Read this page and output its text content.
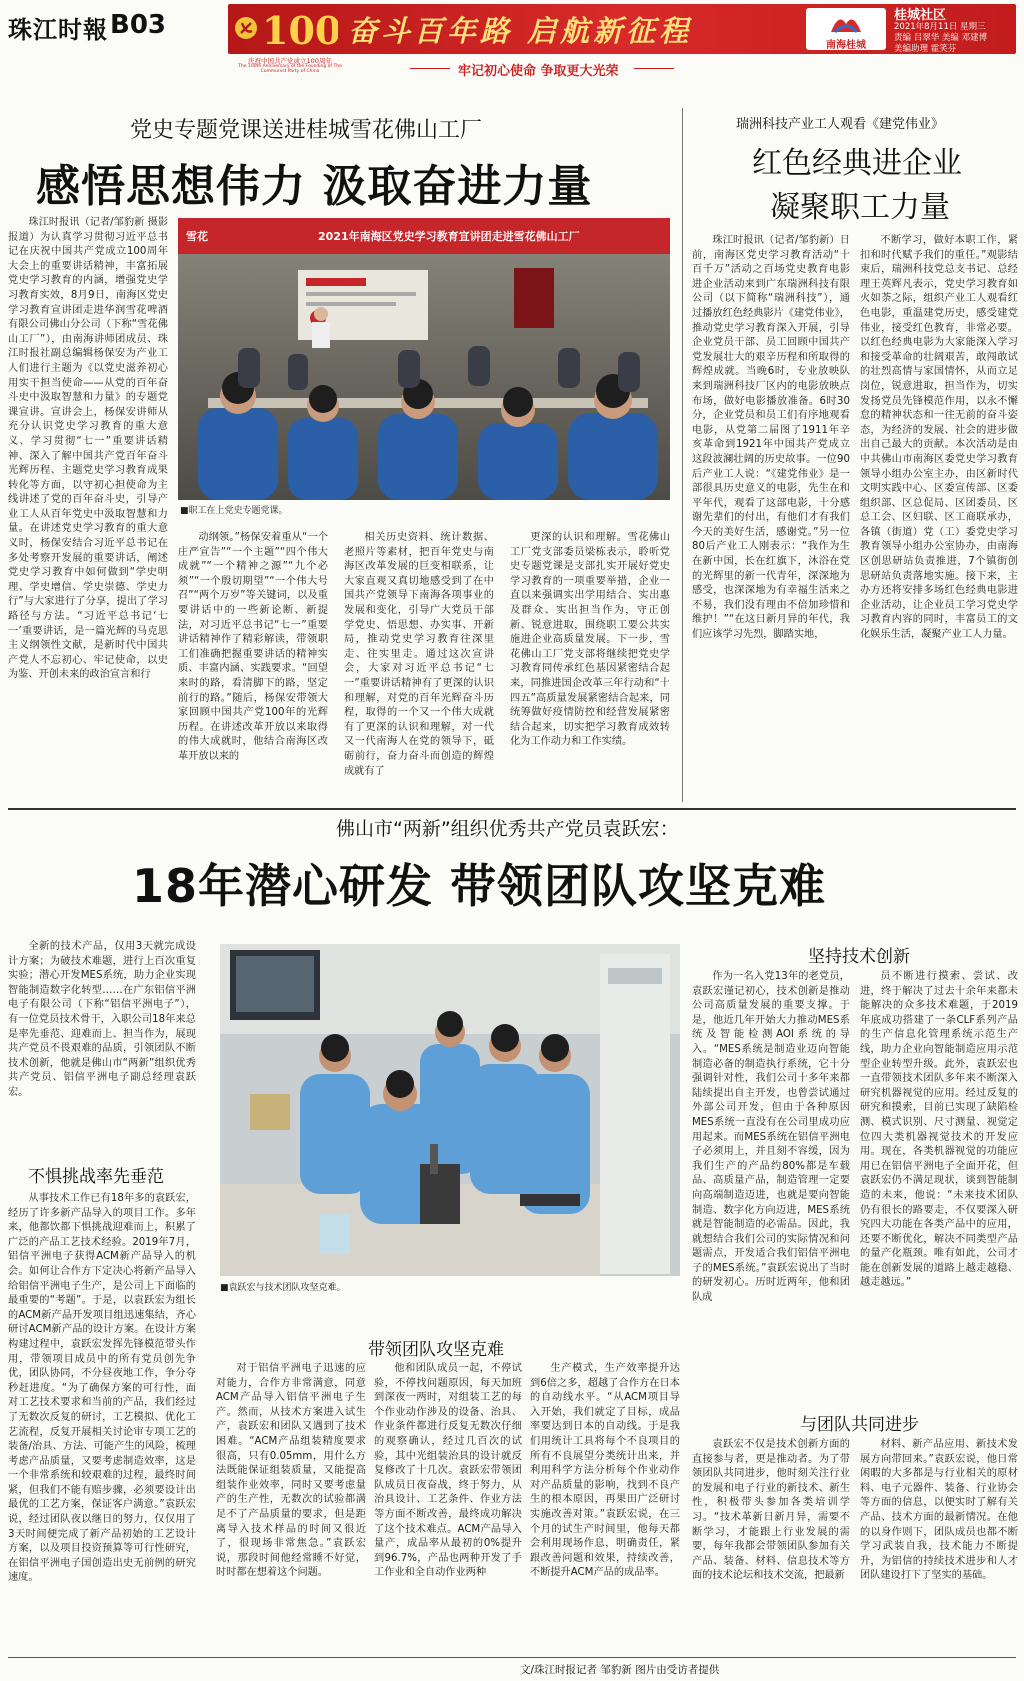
珠江时報 B03	100
庆祝中国共产党成立100周年
The 100th Anniversary of the Founding of The Communist Party of China
奋斗百年路 启航新征程
牢记初心使命 争取更大光荣
南海桂城
桂城社区
2021年8月11日 星期三
责编 吕翠华 美编 邓建博
美编助理 霍笑芬
党史专题党课送进桂城雪花佛山工厂
感悟思想伟力 汲取奋进力量
雪花	2021年南海区党史学习教育宣讲团走进雪花佛山工厂
■职工在上党史专题党课。

珠江时报讯（记者/邹豹新 摄影报道）为认真学习贯彻习近平总书记在庆祝中国共产党成立100周年大会上的重要讲话精神，丰富拓展党史学习教育的内涵，增强党史学习教育实效，8月9日，南海区党史学习教育宣讲团走进华润雪花啤酒有限公司佛山分公司（下称“雪花佛山工厂”），由南海讲师团成员、珠江时报社副总编辑杨保安为产业工人们进行主题为《以党史滋养初心 用实干担当使命——从党的百年奋斗史中汲取智慧和力量》的专题党课宣讲。宣讲会上，杨保安讲师从充分认识党史学习教育的重大意义、学习贯彻“七一”重要讲话精神、深入了解中国共产党百年奋斗光辉历程、主题党史学习教育成果转化等方面，以守初心担使命为主线讲述了党的百年奋斗史，引导产业工人从百年党史中汲取智慧和力量。在讲述党史学习教育的重大意义时，杨保安结合习近平总书记在多处考察开发展的重要讲话，阐述党史学习教育中如何做到“学史明理、学史增信、学史崇德、学史力行”与大家进行了分享，提出了学习路径与方法。“习近平总书记‘七一’重要讲话，是一篇光辉的马克思主义纲领性文献，是新时代中国共产党人不忘初心、牢记使命，以史为鉴、开创未来的政治宣言和行

动纲领。”杨保安着重从“一个庄严宣告”“一个主题”“四个伟大成就”“一个精神之源”“九个必须”“一个殷切期望”“一个伟大号召”“两个万岁”等关键词，以及重要讲话中的一些新论断、新提法，对习近平总书记“七一”重要讲话精神作了精彩解读，带领职工们准确把握重要讲话的精神实质、丰富内涵、实践要求。“回望来时的路，看清脚下的路，坚定前行的路。”随后，杨保安带领大家回顾中国共产党100年的光辉历程。在讲述改革开放以来取得的伟大成就时，他结合南海区改革开放以来的

相关历史资料、统计数据、老照片等素材，把百年党史与南海区改革发展的巨变相联系，让大家直观又真切地感受到了在中国共产党领导下南海各项事业的发展和变化，引导广大党员干部学党史、悟思想、办实事、开新局，推动党史学习教育往深里走、往实里走。通过这次宣讲会，大家对习近平总书记“七一”重要讲话精神有了更深的认识和理解，对党的百年光辉奋斗历程，取得的一个又一个伟大成就有了更深的认识和理解，对一代又一代南海人在党的领导下，砥砺前行，奋力奋斗而创造的辉煌成就有了

更深的认识和理解。雪花佛山工厂党支部委员梁栋表示，聆听党史专题党课是支部扎实开展好党史学习教育的一项重要举措，企业一直以来强调实出学用结合、实出惠及群众、实出担当作为，守正创新、锐意进取，围绕职工要公共实施进企业高质量发展。下一步，雪花佛山工厂党支部将继续把党史学习教育同传承红色基因紧密结合起来，同推进国企改革三年行动和“十四五”高质量发展紧密结合起来，同统筹做好疫情防控和经营发展紧密结合起来，切实把学习教育成效转化为工作动力和工作实绩。

瑞洲科技产业工人观看《建党伟业》
红色经典进企业
凝聚职工力量

珠江时报讯（记者/邹豹新）日前，南海区党史学习教育活动“十百千万”活动之百场党史教育电影进企业活动来到广东瑞洲科技有限公司（以下简称“瑞洲科技”），通过播放红色经典影片《建党伟业》，推动党史学习教育深入开展，引导企业党员干部、员工回顾中国共产党发展壮大的艰辛历程和所取得的辉煌成就。当晚6时，专业放映队来到瑞洲科技厂区内的电影放映点布场，做好电影播放准备。6时30分，企业党员和员工们有序地观看电影，从党第二届图了1911年辛亥革命到1921年中国共产党成立这段波澜壮阔的历史故事。一位90后产业工人说：“《建党伟业》是一部很具历史意义的电影，先生在和平年代，观看了这部电影，十分感谢先辈们的付出，有他们才有我们今天的美好生活，感谢党。”另一位80后产业工人刚表示：“我作为生在新中国，长在红旗下，沐浴在党的光辉里的新一代青年，深深地为感受，也深深地为有幸福生活来之不易，我们没有理由不倍加珍惜和维护！”“在这日新月异的年代，我们应该学习先烈，脚踏实地，

不断学习，做好本职工作，紧扣和时代赋予我们的重任。”观影结束后，瑞洲科技党总支书记、总经理王英辉凡表示，党史学习教育如火如荼之际，组织产业工人观看红色电影，重温建党历史，感受建党伟业，接受红色教育，非常必要。以红色经典电影为大家能深入学习和接受革命的壮阔艰苦，敢闯敢试的壮烈高情与家国情怀，从而立足岗位，锐意进取，担当作为，切实发扬党员先锋模范作用，以永不懈怠的精神状态和一往无前的奋斗姿态，为经济的发展、社会的进步做出自己最大的贡献。本次活动是由中共佛山市南海区委党史学习教育领导小组办公室主办，由区新时代文明实践中心、区委宣传部、区委组织部、区总促局、区团委员、区总工会、区妇联、区工商联承办，各镇（街道）党（工）委党史学习教育领导小组办公室协办，由南海区创思研站负责推进，7个镇街创思研站负责落地实施。接下来，主办方还将安排多场红色经典电影进企业活动，让企业员工学习党史学习教育内容的同时，丰富员工的文化娱乐生活，凝聚产业工人力量。

佛山市“两新”组织优秀共产党员袁跃宏：
18年潜心研发 带领团队攻坚克难

全新的技术产品，仅用3天就完成设计方案；为破技术难题，进行上百次重复实验；潜心开发MES系统，助力企业实现智能制造数字化转型……在广东铝信平洲电子有限公司（下称“铝信平洲电子”），有一位党员技术骨干，入职公司18年来总是率先垂范、迎难而上、担当作为，展现共产党员不畏艰难的品质，引领团队不断技术创新，他就是佛山市“两新”组织优秀共产党员、铝信平洲电子副总经理袁跃宏。

不惧挑战率先垂范

从事技术工作已有18年多的袁跃宏，经历了许多新产品导入的项目工作。多年来，他都饮都下惧挑战迎难而上，积累了广泛的产品工艺技术经验。2019年7月，铝信平洲电子获得ACM新产品导入的机会。如何让合作方下定决心将新产品导入给铝信平洲电子生产，是公司上下面临的最重要的“考题”。于是，以袁跃宏为组长的ACM新产品开发项目组迅速集结，齐心研讨ACM新产品的设计方案。在设计方案构建过程中，袁跃宏发挥先锋模范带头作用，带领项目成员中的所有党员创先争优，团队协同，不分昼夜地工作，争分夺秒赶进度。“为了确保方案的可行性，面对工艺技术要求和当前的产品，我们经过了无数次反复的研讨，工艺模拟、优化工艺流程，反复开展相关讨论审专项工艺的装备/治具、方法、可能产生的风险，梳理考虑产品质量，又要考虑制造效率，这是一个非常系统和较艰难的过程，最终时间紧，但我们不能有赔步骤，必须要设计出最优的工艺方案，保证客户满意。”袁跃宏说，经过团队夜以继日的努力，仅仅用了3天时间便完成了新产品初始的工艺设计方案，以及项目投资预算等可行性研究，在铝信平洲电子国创造出史无前例的研究速度。

■袁跃宏与技术团队攻坚克难。
带领团队攻坚克难

对于铝信平洲电子迅速的应对能力，合作方非常满意，同意ACM产品导入铝信平洲电子生产。然而，从技术方案进入试生产，袁跃宏和团队又遇到了技术困难。“ACM产品组装精度要求很高，只有0.05mm，用什么方法既能保证组装质量，又能提高组装作业效率，同时又要考虑量产的生产性，无数次的试验都满足不了产品质量的要求，但是距离导入技术样品的时间又很近了，很现场非常焦急。”袁跃宏说，那段时间他经常睡不好觉，时时都在想着这个问题。

他和团队成员一起，不停试验，不停找问题原因，每天加班到深夜一两时，对组装工艺的每个作业动作涉及的设备、治具、作业条件都进行反复无数次仔细的观察确认，经过几百次的试验，其中光组装治具的设计就反复修改了十几次。袁跃宏带领团队成员日夜奋战，终于努力，从治具设计、工艺条件、作业方法等方面不断改善，最终成功解决了这个技术难点。ACM产品导入量产，成品率从最初的0%提升到96.7%，产品也两种开发了手工作业和全自动作业两种

生产模式，生产效率提升达到6倍之多，超越了合作方在日本的自动线水平。“从ACM项目导入开始，我们就定了目标，成品率要达到日本的自动线。于是我们用统计工具将每个不良项目的所有不良展望分类统计出来，并利用科学方法分析每个作业动作对产品质量的影响，找到不良产生的根本原因，再果田广泛研讨实施改善对策。”袁跃宏说，在三个月的试生产时间里，他每天都会利用现场作息，明确责任，紧跟改善问题和效果，持续改善，不断提升ACM产品的成品率。

坚持技术创新

作为一名入党13年的老党员，袁跃宏谨记初心，技术创新是推动公司高质量发展的重要支撑。于是，他近几年开始大力推动MES系统及智能检测AOI系统的导入。“MES系统是制造业迈向智能制造必备的制造执行系统，它十分强调针对性，我们公司十多年来都陆续提出自主开发，也曾尝试通过外部公司开发，但由于各种原因MES系统一直没有在公司里成功应用起来。而MES系统在铝信平洲电子必须用上，并且刻不容缓，因为我们生产的产品约80%都是车载品、高质量产品，制造管理一定要向高端制造迈进，也就是要向智能制造、数字化方向迈进，MES系统就是智能制造的必需品。因此，我就想结合我们公司的实际情况和问题需点，开发适合我们铝信平洲电子的MES系统。”袁跃宏说出了当时的研发初心。历时近两年，他和团队成

员不断进行摸索、尝试、改进，终于解决了过去十余年来都未能解决的众多技术难题，于2019年底成功搭建了一条CLF系列产品的生产信息化管理系统示范生产线，助力企业向智能制造应用示范型企业转型升级。此外，袁跃宏也一直带领技术团队多年来不断深入研究机器视觉的应用。经过反复的研究和摸索，目前已实现了缺陷检测、模式识别、尺寸测量、视觉定位四大类机器视觉技术的开发应用。现在，各类机器视觉的功能应用已在铝信平洲电子全面开花，但袁跃宏仍不满足现状，谈到智能制造的未来，他说：“未来技术团队仍有很长的路要走，不仅要深入研究四大功能在各类产品中的应用，还要不断优化，解决不同类型产品的量产化瓶颈。唯有如此，公司才能在创新发展的道路上越走越稳、越走越远。”

与团队共同进步

袁跃宏不仅是技术创新方面的直接参与者，更是推动者。为了带领团队共同进步，他时刻关注行业的发展和电子行业的新技术、新生性，积极带头参加各类培训学习。“技术革新日新月异，需要不断学习，才能跟上行业发展的需要，每年我都会带领团队参加有关产品、装备、材料、信息技术等方面的技术论坛和技术交流，把最新

材料、新产品应用、新技术发展方向带回来。”袁跃宏说，他日常闲暇的大多都是与行业相关的原材料、电子元器件、装备、行业协会等方面的信息，以便实时了解有关产品、技术方面的最新情况。在他的以身作则下，团队成员也都不断学习武装自我，技术能力不断提升，为铝信的持续技术进步和人才团队建设打下了坚实的基础。

文/珠江时报记者 邹豹新 图片由受访者提供
